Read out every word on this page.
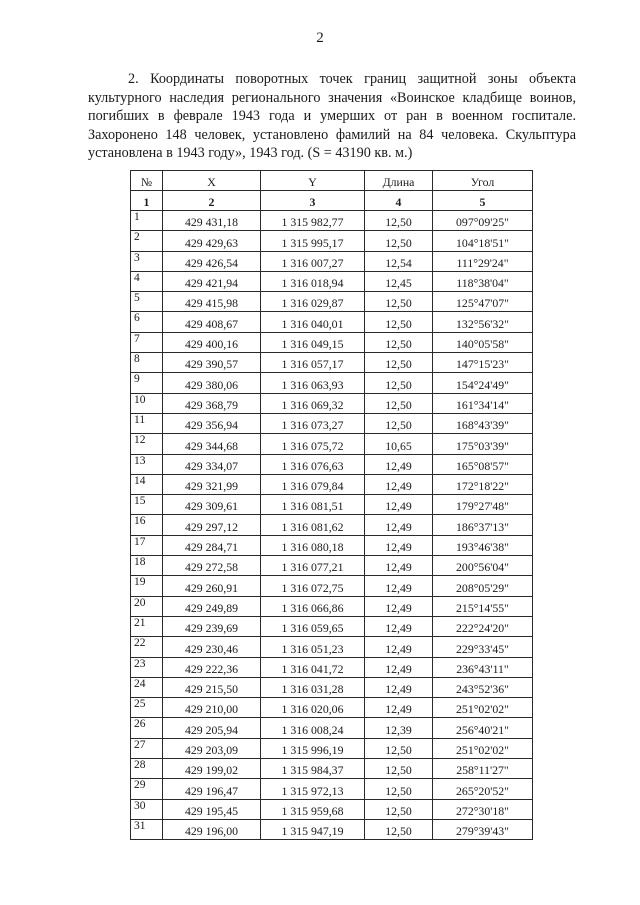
2

2. Координаты поворотных точек границ защитной зоны объекта культурного наследия регионального значения «Воинское кладбище воинов, погибших в феврале 1943 года и умерших от ран в военном госпитале. Захоронено 148 человек, установлено фамилий на 84 человека. Скульптура установлена в 1943 году», 1943 год. (S = 43190 кв. м.)

№	X	Y	Длина	Угол
1	2	3	4	5
1	429 431,18	1 315 982,77	12,50	097°09'25"
2	429 429,63	1 315 995,17	12,50	104°18'51"
3	429 426,54	1 316 007,27	12,54	111°29'24"
4	429 421,94	1 316 018,94	12,45	118°38'04"
5	429 415,98	1 316 029,87	12,50	125°47'07"
6	429 408,67	1 316 040,01	12,50	132°56'32"
7	429 400,16	1 316 049,15	12,50	140°05'58"
8	429 390,57	1 316 057,17	12,50	147°15'23"
9	429 380,06	1 316 063,93	12,50	154°24'49"
10	429 368,79	1 316 069,32	12,50	161°34'14"
11	429 356,94	1 316 073,27	12,50	168°43'39"
12	429 344,68	1 316 075,72	10,65	175°03'39"
13	429 334,07	1 316 076,63	12,49	165°08'57"
14	429 321,99	1 316 079,84	12,49	172°18'22"
15	429 309,61	1 316 081,51	12,49	179°27'48"
16	429 297,12	1 316 081,62	12,49	186°37'13"
17	429 284,71	1 316 080,18	12,49	193°46'38"
18	429 272,58	1 316 077,21	12,49	200°56'04"
19	429 260,91	1 316 072,75	12,49	208°05'29"
20	429 249,89	1 316 066,86	12,49	215°14'55"
21	429 239,69	1 316 059,65	12,49	222°24'20"
22	429 230,46	1 316 051,23	12,49	229°33'45"
23	429 222,36	1 316 041,72	12,49	236°43'11"
24	429 215,50	1 316 031,28	12,49	243°52'36"
25	429 210,00	1 316 020,06	12,49	251°02'02"
26	429 205,94	1 316 008,24	12,39	256°40'21"
27	429 203,09	1 315 996,19	12,50	251°02'02"
28	429 199,02	1 315 984,37	12,50	258°11'27"
29	429 196,47	1 315 972,13	12,50	265°20'52"
30	429 195,45	1 315 959,68	12,50	272°30'18"
31	429 196,00	1 315 947,19	12,50	279°39'43"
